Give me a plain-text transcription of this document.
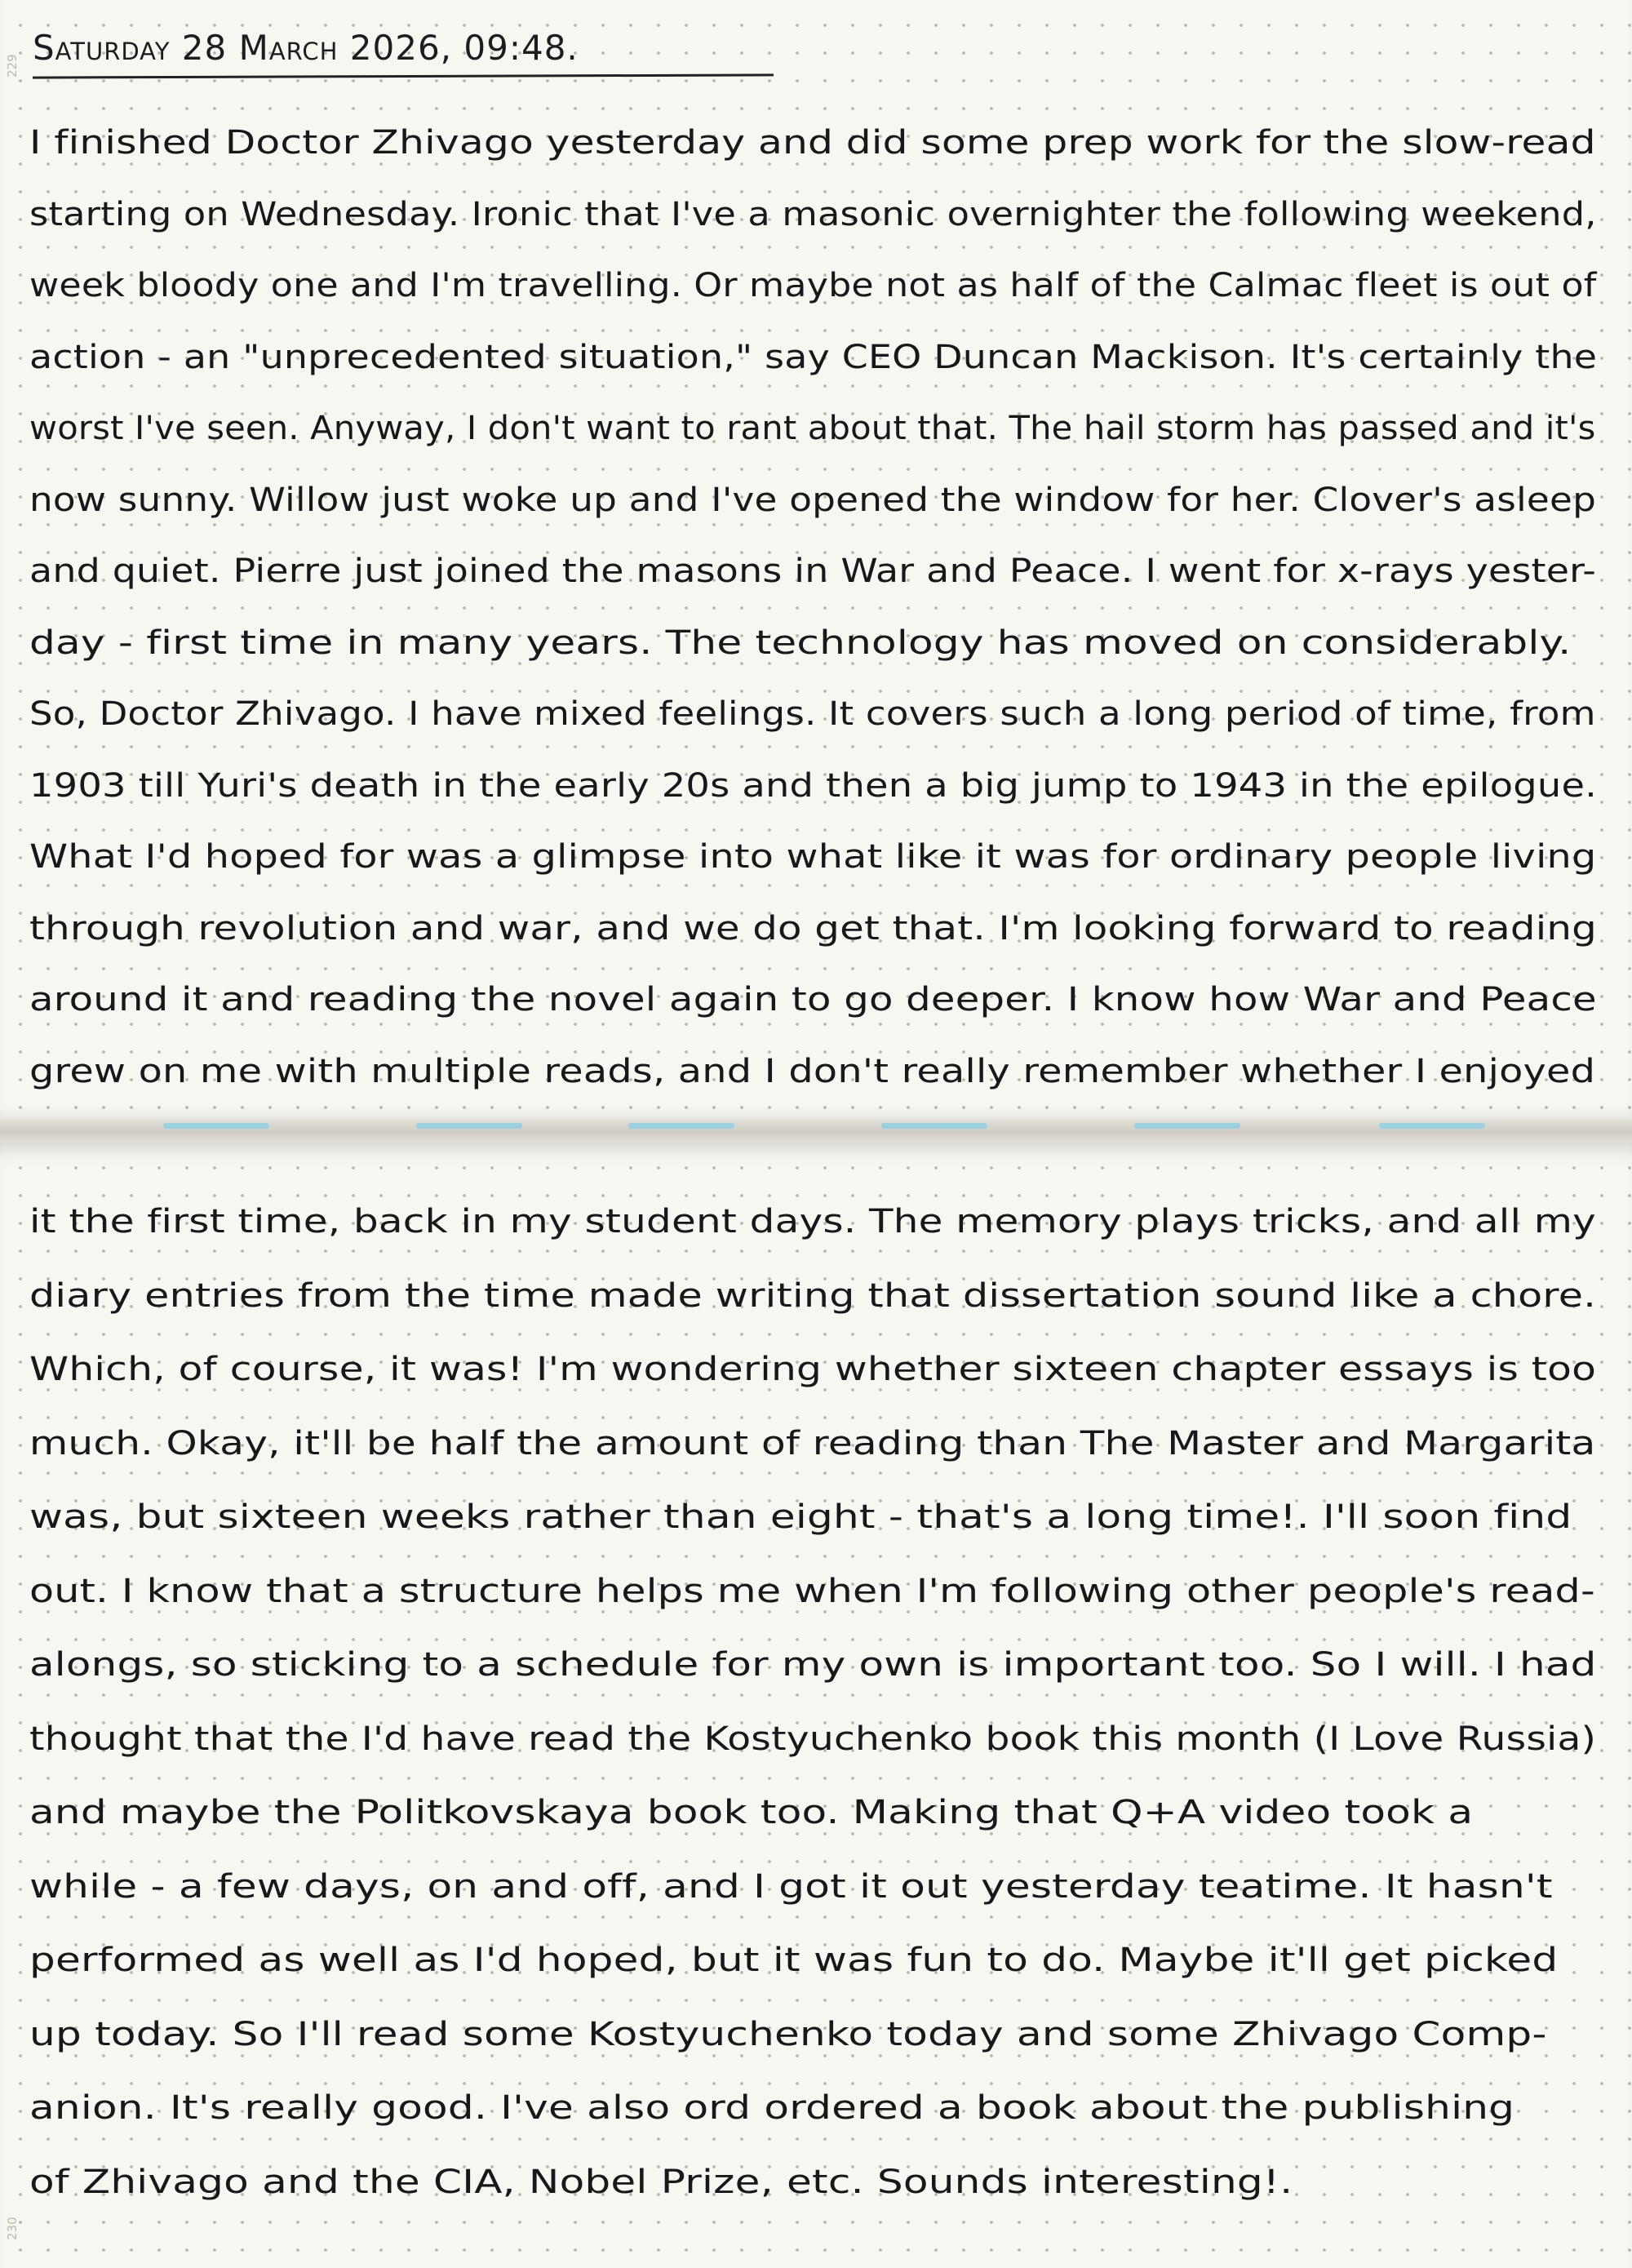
229
230
Saturday 28 March 2026, 09:48.
I finished Doctor Zhivago yesterday and did some prep work for the slow-read
starting on Wednesday. Ironic that I've a masonic overnighter the following weekend,
week bloody one and I'm travelling. Or maybe not as half of the Calmac fleet is out of
action - an "unprecedented situation," say CEO Duncan Mackison. It's certainly the
worst I've seen. Anyway, I don't want to rant about that. The hail storm has passed and it's
now sunny. Willow just woke up and I've opened the window for her. Clover's asleep
and quiet. Pierre just joined the masons in War and Peace. I went for x-rays yester-
day - first time in many years. The technology has moved on considerably.
So, Doctor Zhivago. I have mixed feelings. It covers such a long period of time, from
1903 till Yuri's death in the early 20s and then a big jump to 1943 in the epilogue.
What I'd hoped for was a glimpse into what like it was for ordinary people living
through revolution and war, and we do get that. I'm looking forward to reading
around it and reading the novel again to go deeper. I know how War and Peace
grew on me with multiple reads, and I don't really remember whether I enjoyed
it the first time, back in my student days. The memory plays tricks, and all my
diary entries from the time made writing that dissertation sound like a chore.
Which, of course, it was! I'm wondering whether sixteen chapter essays is too
much. Okay, it'll be half the amount of reading than The Master and Margarita
was, but sixteen weeks rather than eight - that's a long time!. I'll soon find
out. I know that a structure helps me when I'm following other people's read-
alongs, so sticking to a schedule for my own is important too. So I will. I had
thought that the I'd have read the Kostyuchenko book this month (I Love Russia)
and maybe the Politkovskaya book too. Making that Q+A video took a
while - a few days, on and off, and I got it out yesterday teatime. It hasn't
performed as well as I'd hoped, but it was fun to do. Maybe it'll get picked
up today. So I'll read some Kostyuchenko today and some Zhivago Comp-
anion. It's really good. I've also ord ordered a book about the publishing
of Zhivago and the CIA, Nobel Prize, etc. Sounds interesting!.
